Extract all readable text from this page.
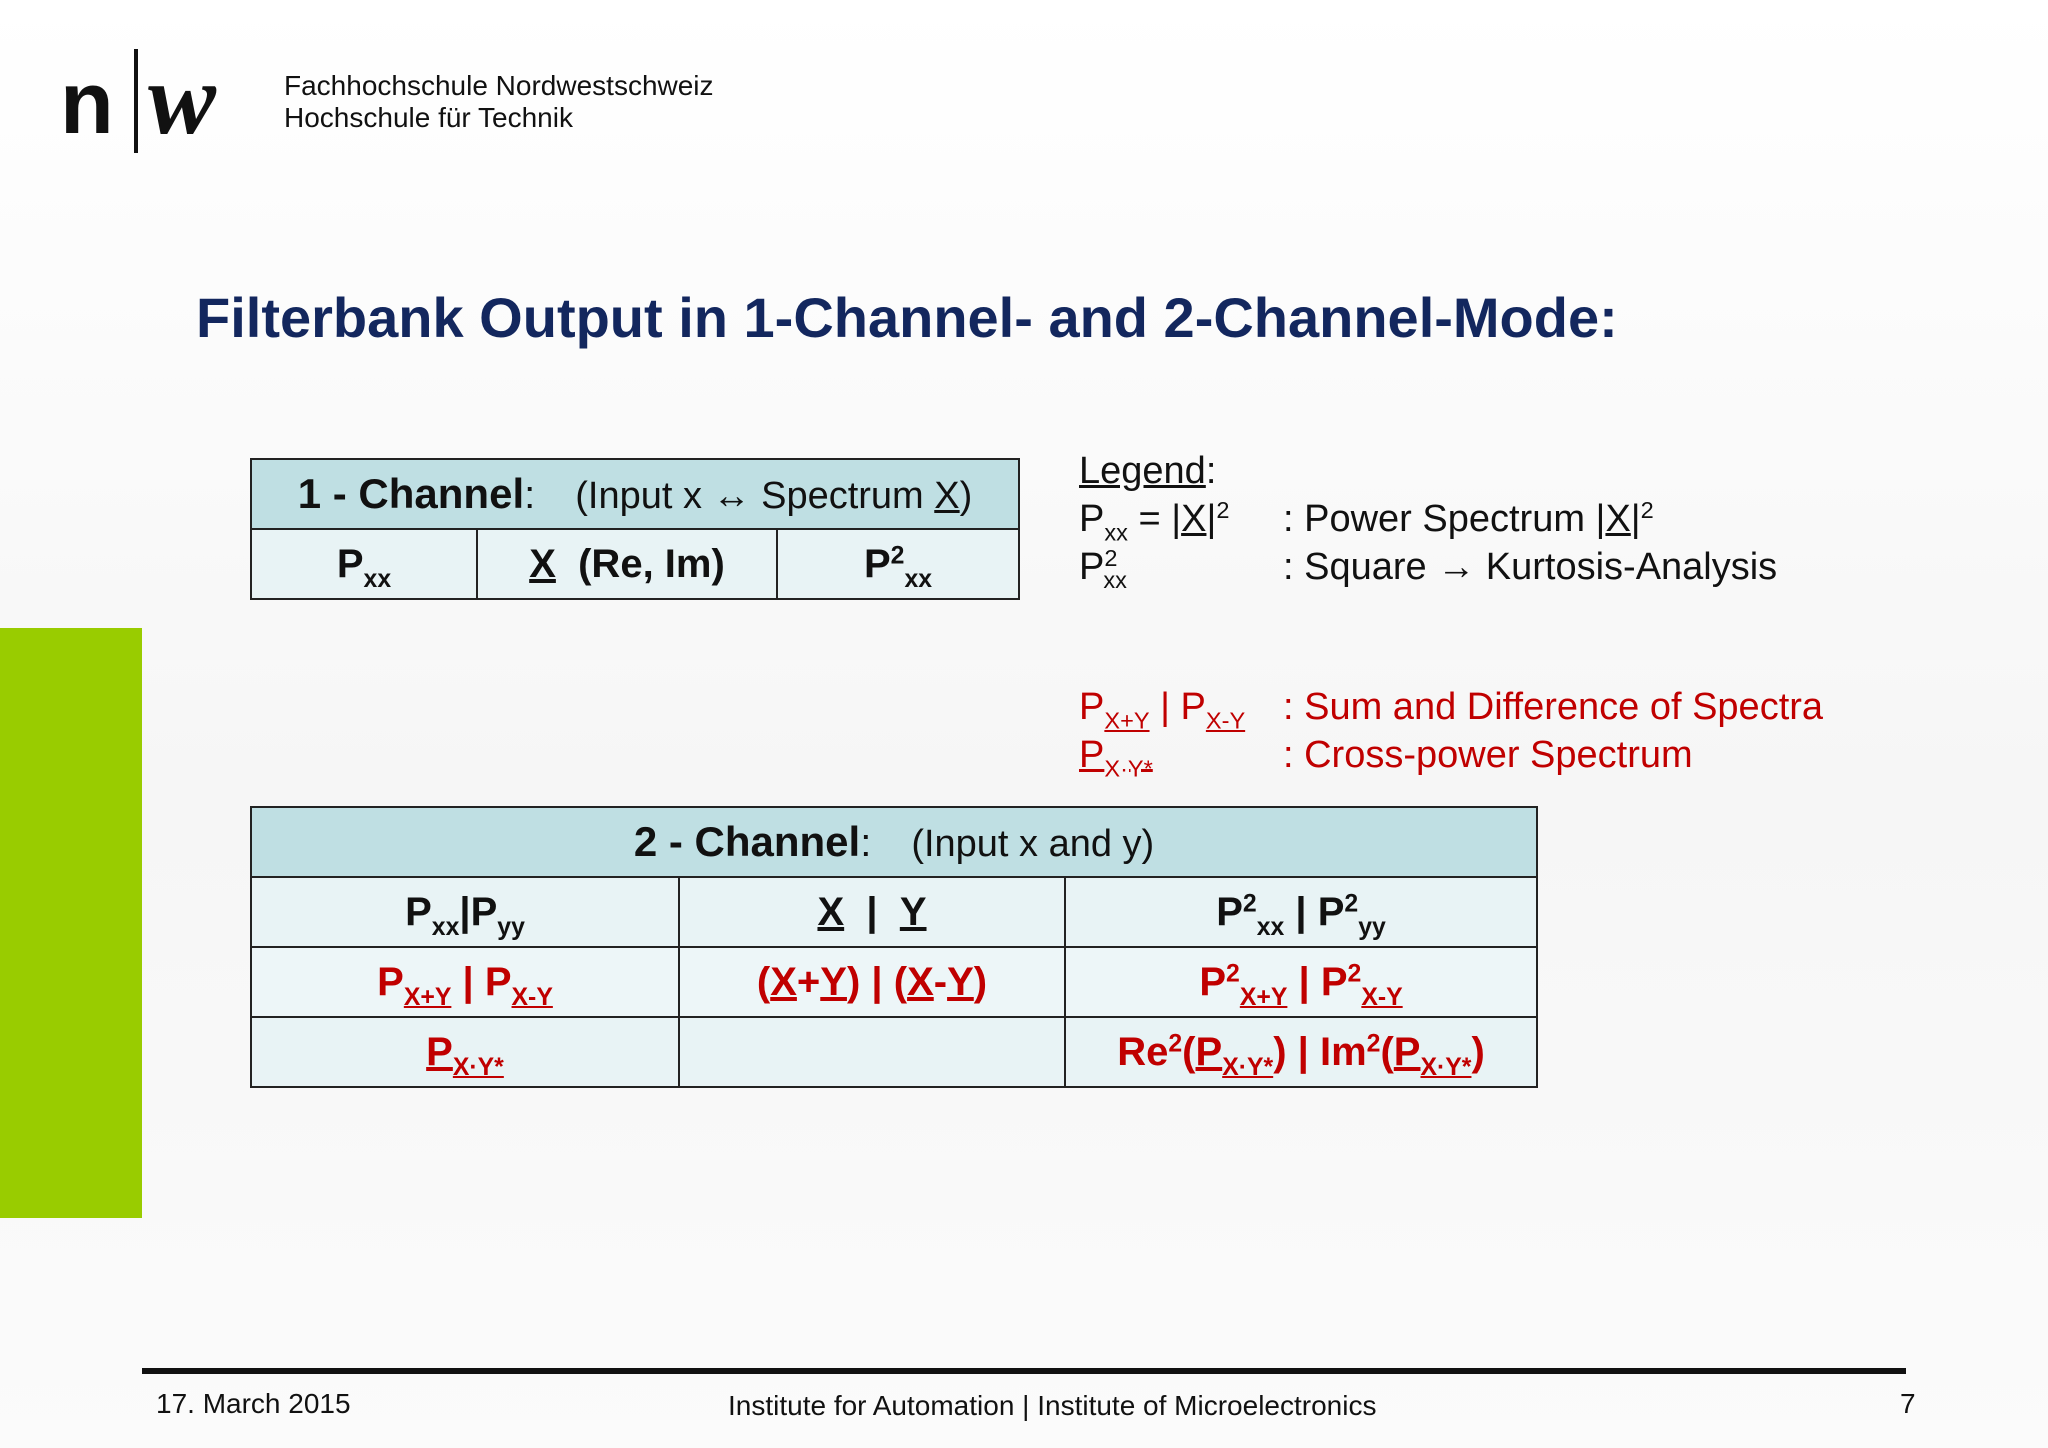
n w Fachhochschule Nordwestschweiz
Hochschule für Technik
Filterbank Output in 1-Channel- and 2-Channel-Mode:
1 - Channel: (Input x ↔ Spectrum X)
$P_{xx}$	X (Re, Im)	$P^2_{xx}$
Legend:
$P_{xx} = |X|^2$ : Power Spectrum $|X|^2$
$P^2_{xx}$	: Square → Kurtosis-Analysis
$P_{X+Y}$ | $P_{X-Y}$ : Sum and Difference of Spectra
$P_{X\cdot Y*}$	: Cross-power Spectrum
2 - Channel: (Input x and y)		
$P_{xx}|P_{yy}$	X | Y	$P^2_{xx}$ | $P^2_{yy}$
$P_{X+Y}$ | $P_{X-Y}$	(X+Y) | (X-Y)	$P^2_{X+Y}$ | $P^2_{X-Y}$
$P_{X\cdot Y*}$		$Re^2(P_{X\cdot Y*})$ | $Im^2(P_{X\cdot Y*})$
17. March 2015	Institute for Automation | Institute of Microelectronics	7
